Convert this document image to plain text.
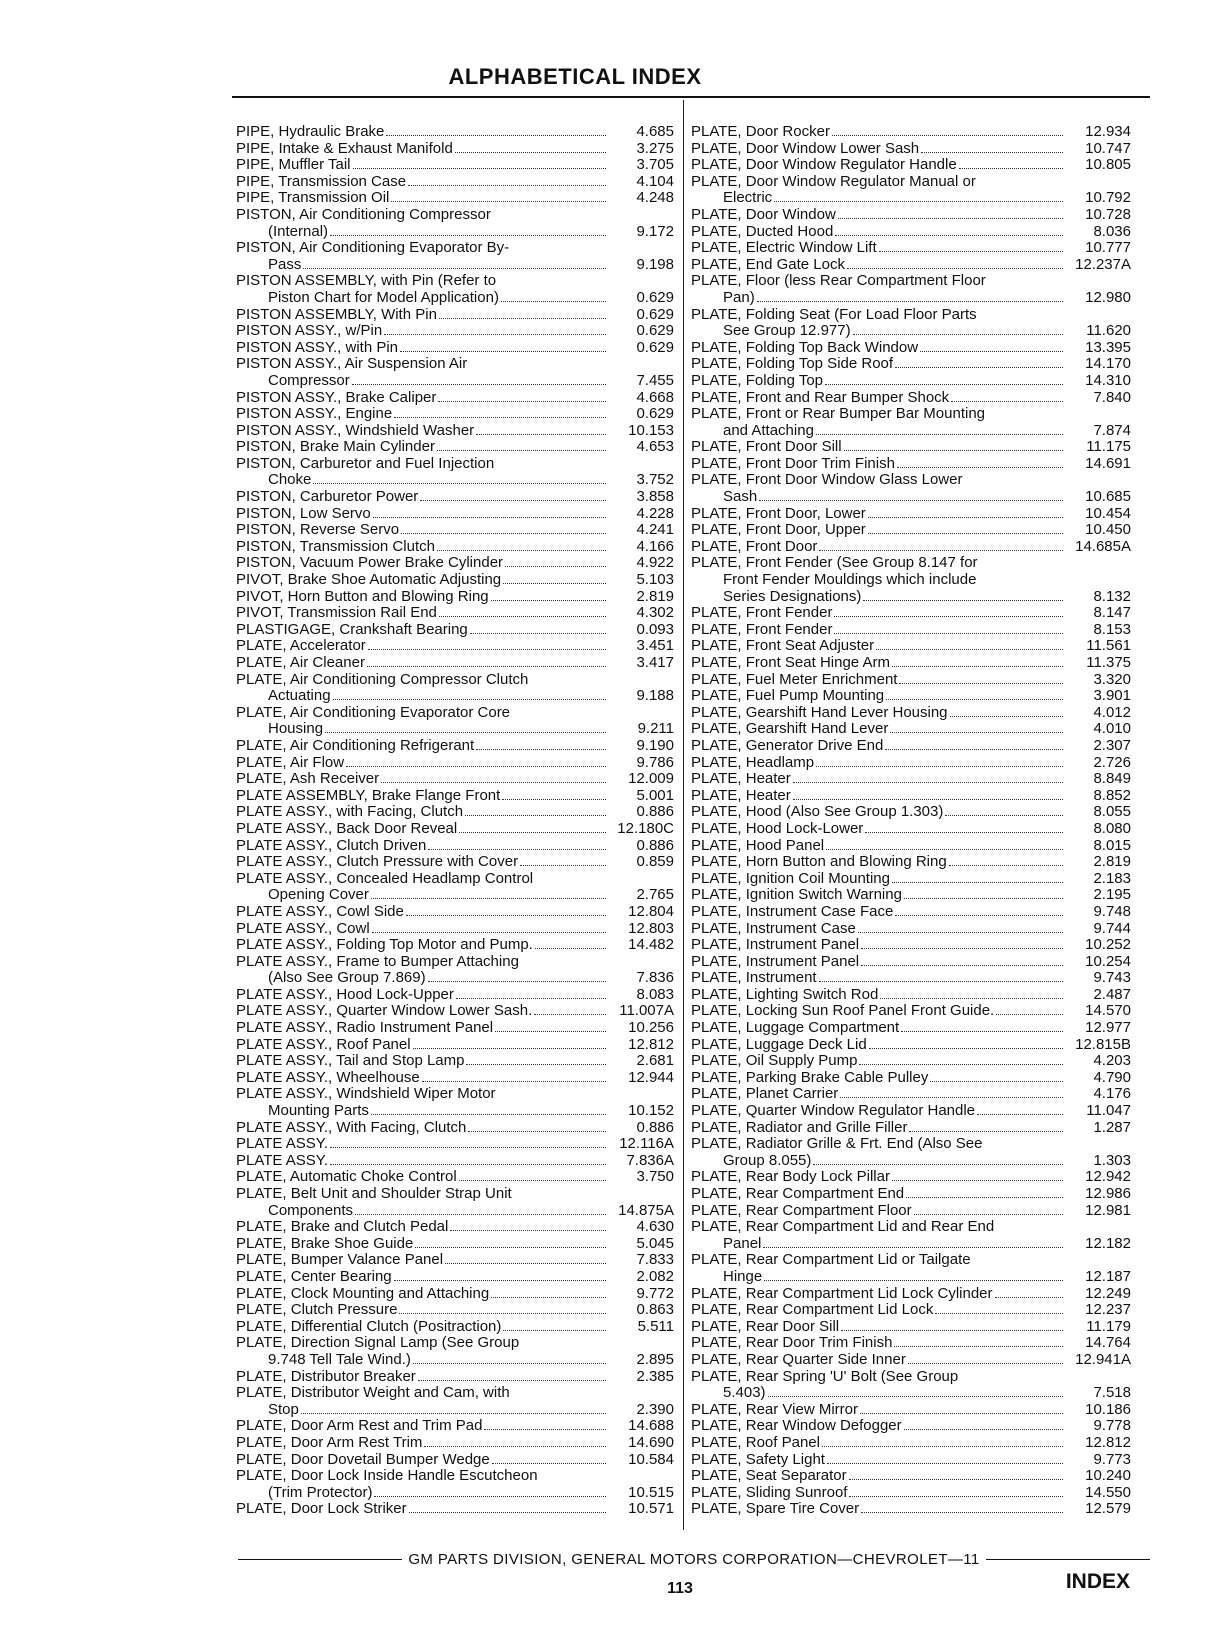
ALPHABETICAL INDEX
PIPE, Hydraulic Brake	4.685
PIPE, Intake & Exhaust Manifold	3.275
PIPE, Muffler Tail	3.705
PIPE, Transmission Case	4.104
PIPE, Transmission Oil	4.248
PISTON, Air Conditioning Compressor
(Internal)	9.172
PISTON, Air Conditioning Evaporator By-
Pass	9.198
PISTON ASSEMBLY, with Pin (Refer to
Piston Chart for Model Application)	0.629
PISTON ASSEMBLY, With Pin	0.629
PISTON ASSY., w/Pin	0.629
PISTON ASSY., with Pin	0.629
PISTON ASSY., Air Suspension Air
Compressor	7.455
PISTON ASSY., Brake Caliper	4.668
PISTON ASSY., Engine	0.629
PISTON ASSY., Windshield Washer	10.153
PISTON, Brake Main Cylinder	4.653
PISTON, Carburetor and Fuel Injection
Choke	3.752
PISTON, Carburetor Power	3.858
PISTON, Low Servo	4.228
PISTON, Reverse Servo	4.241
PISTON, Transmission Clutch	4.166
PISTON, Vacuum Power Brake Cylinder	4.922
PIVOT, Brake Shoe Automatic Adjusting	5.103
PIVOT, Horn Button and Blowing Ring	2.819
PIVOT, Transmission Rail End	4.302
PLASTIGAGE, Crankshaft Bearing	0.093
PLATE, Accelerator	3.451
PLATE, Air Cleaner	3.417
PLATE, Air Conditioning Compressor Clutch
Actuating	9.188
PLATE, Air Conditioning Evaporator Core
Housing	9.211
PLATE, Air Conditioning Refrigerant	9.190
PLATE, Air Flow	9.786
PLATE, Ash Receiver	12.009
PLATE ASSEMBLY, Brake Flange Front	5.001
PLATE ASSY., with Facing, Clutch	0.886
PLATE ASSY., Back Door Reveal	12.180C
PLATE ASSY., Clutch Driven	0.886
PLATE ASSY., Clutch Pressure with Cover	0.859
PLATE ASSY., Concealed Headlamp Control
Opening Cover	2.765
PLATE ASSY., Cowl Side	12.804
PLATE ASSY., Cowl	12.803
PLATE ASSY., Folding Top Motor and Pump.	14.482
PLATE ASSY., Frame to Bumper Attaching
(Also See Group 7.869)	7.836
PLATE ASSY., Hood Lock-Upper	8.083
PLATE ASSY., Quarter Window Lower Sash.	11.007A
PLATE ASSY., Radio Instrument Panel	10.256
PLATE ASSY., Roof Panel	12.812
PLATE ASSY., Tail and Stop Lamp	2.681
PLATE ASSY., Wheelhouse	12.944
PLATE ASSY., Windshield Wiper Motor
Mounting Parts	10.152
PLATE ASSY., With Facing, Clutch	0.886
PLATE ASSY.	12.116A
PLATE ASSY.	7.836A
PLATE, Automatic Choke Control	3.750
PLATE, Belt Unit and Shoulder Strap Unit
Components	14.875A
PLATE, Brake and Clutch Pedal	4.630
PLATE, Brake Shoe Guide	5.045
PLATE, Bumper Valance Panel	7.833
PLATE, Center Bearing	2.082
PLATE, Clock Mounting and Attaching	9.772
PLATE, Clutch Pressure	0.863
PLATE, Differential Clutch (Positraction)	5.511
PLATE, Direction Signal Lamp (See Group
9.748 Tell Tale Wind.)	2.895
PLATE, Distributor Breaker	2.385
PLATE, Distributor Weight and Cam, with
Stop	2.390
PLATE, Door Arm Rest and Trim Pad	14.688
PLATE, Door Arm Rest Trim	14.690
PLATE, Door Dovetail Bumper Wedge	10.584
PLATE, Door Lock Inside Handle Escutcheon
(Trim Protector)	10.515
PLATE, Door Lock Striker	10.571
PLATE, Door Rocker	12.934
PLATE, Door Window Lower Sash	10.747
PLATE, Door Window Regulator Handle	10.805
PLATE, Door Window Regulator Manual or
Electric	10.792
PLATE, Door Window	10.728
PLATE, Ducted Hood	8.036
PLATE, Electric Window Lift	10.777
PLATE, End Gate Lock	12.237A
PLATE, Floor (less Rear Compartment Floor
Pan)	12.980
PLATE, Folding Seat (For Load Floor Parts
See Group 12.977)	11.620
PLATE, Folding Top Back Window	13.395
PLATE, Folding Top Side Roof	14.170
PLATE, Folding Top	14.310
PLATE, Front and Rear Bumper Shock	7.840
PLATE, Front or Rear Bumper Bar Mounting
and Attaching	7.874
PLATE, Front Door Sill	11.175
PLATE, Front Door Trim Finish	14.691
PLATE, Front Door Window Glass Lower
Sash	10.685
PLATE, Front Door, Lower	10.454
PLATE, Front Door, Upper	10.450
PLATE, Front Door	14.685A
PLATE, Front Fender (See Group 8.147 for
Front Fender Mouldings which include
Series Designations)	8.132
PLATE, Front Fender	8.147
PLATE, Front Fender	8.153
PLATE, Front Seat Adjuster	11.561
PLATE, Front Seat Hinge Arm	11.375
PLATE, Fuel Meter Enrichment	3.320
PLATE, Fuel Pump Mounting	3.901
PLATE, Gearshift Hand Lever Housing	4.012
PLATE, Gearshift Hand Lever	4.010
PLATE, Generator Drive End	2.307
PLATE, Headlamp	2.726
PLATE, Heater	8.849
PLATE, Heater	8.852
PLATE, Hood (Also See Group 1.303)	8.055
PLATE, Hood Lock-Lower	8.080
PLATE, Hood Panel	8.015
PLATE, Horn Button and Blowing Ring	2.819
PLATE, Ignition Coil Mounting	2.183
PLATE, Ignition Switch Warning	2.195
PLATE, Instrument Case Face	9.748
PLATE, Instrument Case	9.744
PLATE, Instrument Panel	10.252
PLATE, Instrument Panel	10.254
PLATE, Instrument	9.743
PLATE, Lighting Switch Rod	2.487
PLATE, Locking Sun Roof Panel Front Guide.	14.570
PLATE, Luggage Compartment	12.977
PLATE, Luggage Deck Lid	12.815B
PLATE, Oil Supply Pump	4.203
PLATE, Parking Brake Cable Pulley	4.790
PLATE, Planet Carrier	4.176
PLATE, Quarter Window Regulator Handle	11.047
PLATE, Radiator and Grille Filler	1.287
PLATE, Radiator Grille & Frt. End (Also See
Group 8.055)	1.303
PLATE, Rear Body Lock Pillar	12.942
PLATE, Rear Compartment End	12.986
PLATE, Rear Compartment Floor	12.981
PLATE, Rear Compartment Lid and Rear End
Panel	12.182
PLATE, Rear Compartment Lid or Tailgate
Hinge	12.187
PLATE, Rear Compartment Lid Lock Cylinder	12.249
PLATE, Rear Compartment Lid Lock	12.237
PLATE, Rear Door Sill	11.179
PLATE, Rear Door Trim Finish	14.764
PLATE, Rear Quarter Side Inner	12.941A
PLATE, Rear Spring 'U' Bolt (See Group
5.403)	7.518
PLATE, Rear View Mirror	10.186
PLATE, Rear Window Defogger	9.778
PLATE, Roof Panel	12.812
PLATE, Safety Light	9.773
PLATE, Seat Separator	10.240
PLATE, Sliding Sunroof	14.550
PLATE, Spare Tire Cover	12.579
GM PARTS DIVISION, GENERAL MOTORS CORPORATION—CHEVROLET—11
113	INDEX
